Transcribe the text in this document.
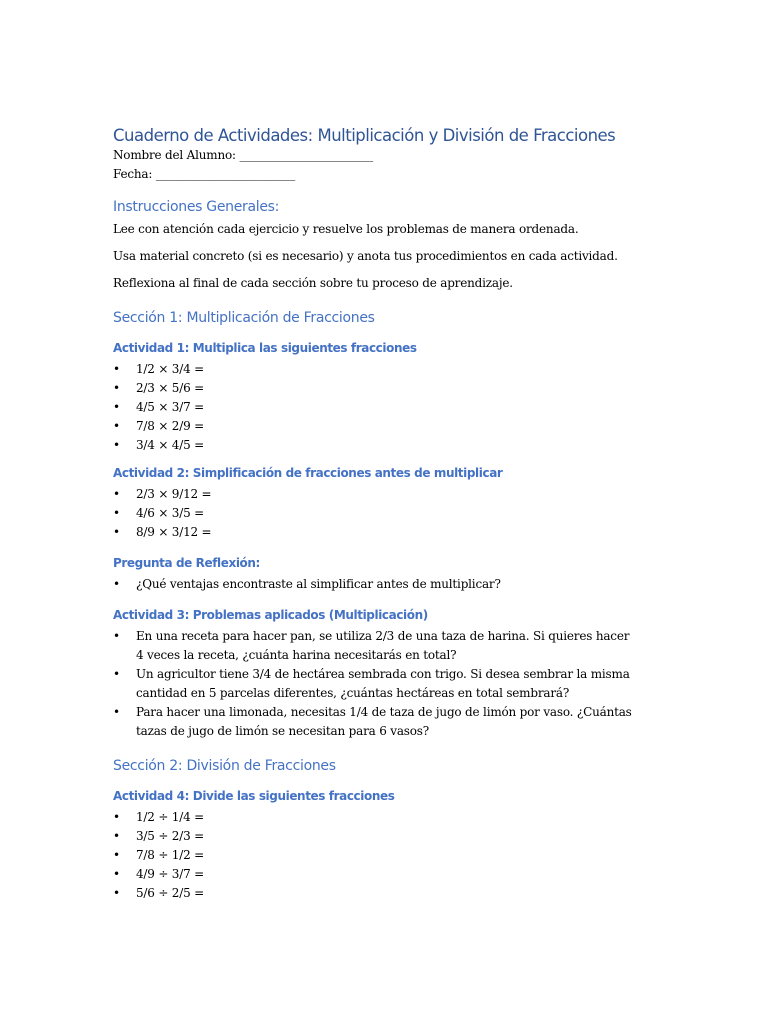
Cuaderno de Actividades: Multiplicación y División de Fracciones
Nombre del Alumno: _______________________
Fecha: ________________________
Instrucciones Generales:
Lee con atención cada ejercicio y resuelve los problemas de manera ordenada.
Usa material concreto (si es necesario) y anota tus procedimientos en cada actividad.
Reflexiona al final de cada sección sobre tu proceso de aprendizaje.
Sección 1: Multiplicación de Fracciones
Actividad 1: Multiplica las siguientes fracciones
• 1/2 × 3/4 =
• 2/3 × 5/6 =
• 4/5 × 3/7 =
• 7/8 × 2/9 =
• 3/4 × 4/5 =
Actividad 2: Simplificación de fracciones antes de multiplicar
• 2/3 × 9/12 =
• 4/6 × 3/5 =
• 8/9 × 3/12 =
Pregunta de Reflexión:
• ¿Qué ventajas encontraste al simplificar antes de multiplicar?
Actividad 3: Problemas aplicados (Multiplicación)
• En una receta para hacer pan, se utiliza 2/3 de una taza de harina. Si quieres hacer 4 veces la receta, ¿cuánta harina necesitarás en total?
• Un agricultor tiene 3/4 de hectárea sembrada con trigo. Si desea sembrar la misma cantidad en 5 parcelas diferentes, ¿cuántas hectáreas en total sembrará?
• Para hacer una limonada, necesitas 1/4 de taza de jugo de limón por vaso. ¿Cuántas tazas de jugo de limón se necesitan para 6 vasos?
Sección 2: División de Fracciones
Actividad 4: Divide las siguientes fracciones
• 1/2 ÷ 1/4 =
• 3/5 ÷ 2/3 =
• 7/8 ÷ 1/2 =
• 4/9 ÷ 3/7 =
• 5/6 ÷ 2/5 =
